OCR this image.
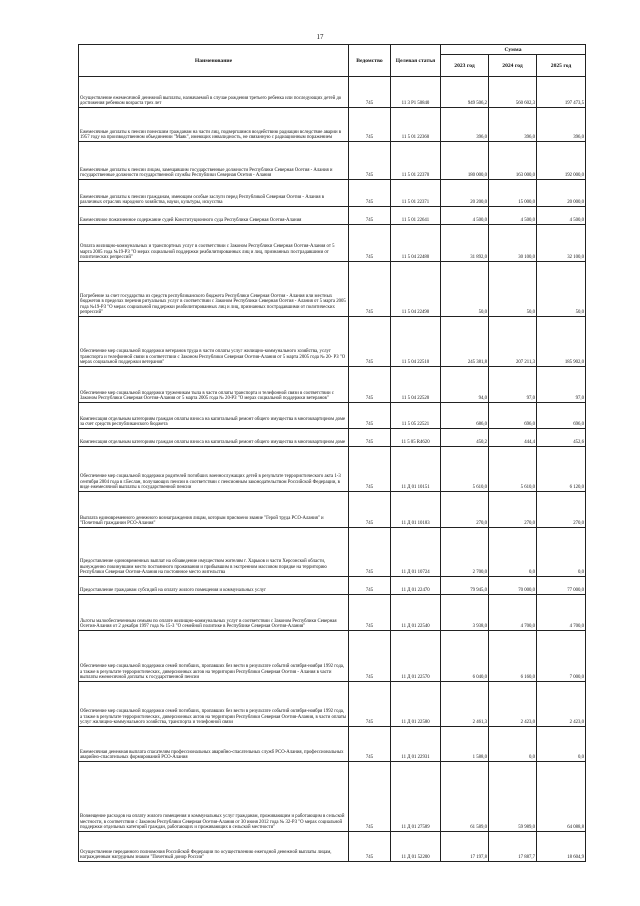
17
Наименование	Ведомство	Целевая статья	Сумма		
			2023 год	2024 год	2025 год
Осуществление ежемесячной денежной выплаты, назначаемой в случае рождения третьего ребенка или последующих детей до достижения ребенком возраста трех лет	745	11 3 Р1 50840	949 506,2	560 602,3	197 473,5
Ежемесячные доплаты к пенсии понесшим гражданам на части лиц, подвергшимся воздействию радиации вследствие аварии в 1957 году на производственном объединении "Маяк", имеющих инвалидность, не связанную с радиационным поражением	745	11 5 01 22360	396,0	396,0	396,0
Ежемесячные доплаты к пенсии лицам, замещавшим государственные должности Республики Северная Осетия - Алания и государственные должности государственной службы Республики Северная Осетия - Алания	745	11 5 01 22370	180 000,0	163 000,0	192 000,0
Ежемесячные доплаты к пенсии гражданам, имеющим особые заслуги перед Республикой Северная Осетия - Алания в различных отраслях народного хозяйства, науки, культуры, искусства	745	11 5 01 22371	20 200,0	15 000,0	20 000,0
Ежемесячное пожизненное содержание судей Конституционного суда Республики Северная Осетия-Алания	745	11 5 01 22641	4 500,0	4 500,0	4 500,0
Оплата жилищно-коммунальных и транспортных услуг в соответствии с Законом Республики Северная Осетия-Алания от 5 марта 2005 года №19-РЗ "О мерах социальной поддержки реабилитированных лиц и лиц, признанных пострадавшими от политических репрессий"	745	11 5 04 22480	31 892,0	30 100,0	32 100,0
Погребение за счет государства из средств республиканского бюджета Республики Северная Осетия - Алания или местных бюджетов в пределах перечня ритуальных услуг в соответствии с Законом Республики Северная Осетия - Алания от 5 марта 2005 года №19-РЗ "О мерах социальной поддержки реабилитированных лиц и лиц, признанных пострадавшими от политических репрессий"	745	11 5 04 22490	50,0	50,0	50,0
Обеспечение мер социальной поддержки ветеранов труда в части оплаты услуг жилищно-коммунального хозяйства, услуг транспорта и телефонной связи в соответствии с Законом Республики Северная Осетия-Алания от 5 марта 2005 года № 20- РЗ "О мерах социальной поддержки ветеранов"	745	11 5 04 22510	245 381,8	207 211,3	185 902,0
Обеспечение мер социальной поддержки труженикам тыла в части оплаты транспорта и телефонной связи в соответствии с Законом Республики Северная Осетия-Алания от 5 марта 2005 года № 20-РЗ "О мерах социальной поддержки ветеранов"	745	11 5 04 22520	94,0	97,0	97,0
Компенсация отдельным категориям граждан оплаты взноса на капитальный ремонт общего имущества в многоквартирном доме за счет средств республиканского бюджета	745	11 5 05 22521	686,0	696,0	696,0
Компенсация отдельным категориям граждан оплаты взноса на капитальный ремонт общего имущества в многоквартирном доме	745	11 5 05 R4620	450,2	444,4	452,6
Обеспечение мер социальной поддержки родителей погибших военнослужащих детей в результате террористического акта 1-3 сентября 2004 года в г.Беслан, получающих пенсии в соответствии с пенсионным законодательством Российской Федерации, в виде ежемесячной выплаты к государственной пенсии	745	11 Д 01 10151	5 610,0	5 610,0	6 120,0
Выплата единовременного денежного вознаграждения лицам, которым присвоено звание "Герой труда РСО-Алания" и "Почетный гражданин РСО-Алания"	745	11 Д 01 10183	270,0	270,0	270,0
Предоставление единовременных выплат на обзаведение имуществом жителям г. Харьков и части Херсонской области, вынужденно покинувшим место постоянного проживания и прибывшим в экстренном массовом порядке на территорию Республики Северная Осетия-Алания на постоянное место жительства	745	11 Д 01 10724	2 700,0	0,0	0,0
Предоставление гражданам субсидий на оплату жилого помещения и коммунальных услуг	745	11 Д 01 22470	79 945,0	70 000,0	77 000,0
Льготы малообеспеченным семьям по оплате жилищно-коммунальных услуг в соответствии с Законом Республики Северная Осетия-Алания от 2 декабря 1997 года № 15-З "О семейной политике в Республике Северная Осетия-Алания"	745	11 Д 01 22540	3 938,0	4 700,0	4 700,0
Обеспечение мер социальной поддержки семей погибших, пропавших без вести в результате событий октября-ноября 1992 года, а также в результате террористических, диверсионных актов на территории Республики Северная Осетия - Алания в части выплаты ежемесячной доплаты к государственной пенсии	745	11 Д 01 22570	6 040,0	6 160,0	7 000,0
Обеспечение мер социальной поддержки семей погибших, пропавших без вести в результате событий октября-ноября 1992 года, а также в результате террористических, диверсионных актов на территории Республики Северная Осетия-Алания, в части оплаты услуг жилищно-коммунального хозяйства, транспорта и телефонной связи	745	11 Д 01 22580	2 461,3	2 423,0	2 423,0
Ежемесячная денежная выплата спасателям профессиональных аварийно-спасательных служб РСО-Алания, профессиональных аварийно-спасательных формирований РСО-Алания	745	11 Д 01 22931	1 588,0	0,0	0,0
Возмещение расходов на оплату жилого помещения и коммунальных услуг гражданам, проживающим и работающим в сельской местности, в соответствии с Законом Республики Северная Осетия-Алания от 30 июня 2012 года № 32-РЗ "О мерах социальной поддержки отдельных категорий граждан, работающих и проживающих в сельской местности"	745	11 Д 01 27589	61 589,0	59 989,0	64 088,8
Осуществление переданного полномочия Российской Федерации по осуществлению ежегодной денежной выплаты лицам, награжденным нагрудным знаком "Почетный донор России"	745	11 Д 01 52200	17 197,8	17 887,7	18 604,9
